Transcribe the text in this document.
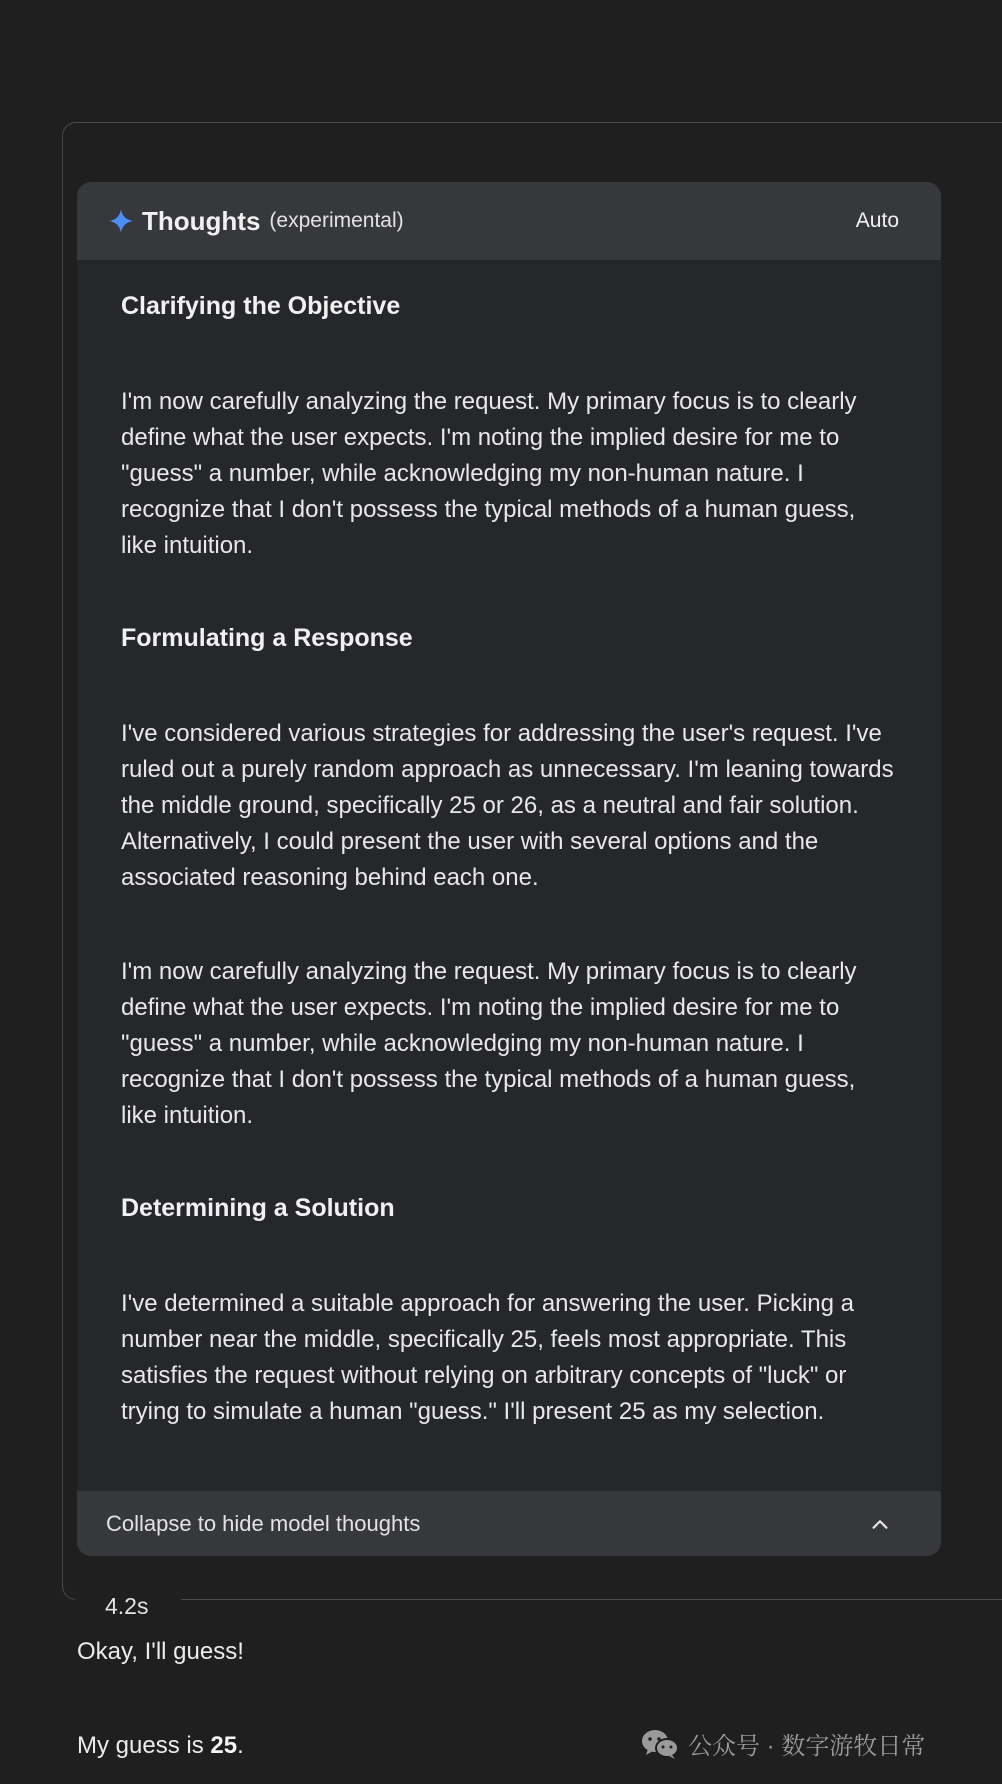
Thoughts (experimental)	Auto
Clarifying the Objective

I'm now carefully analyzing the request. My primary focus is to clearly define what the user expects. I'm noting the implied desire for me to "guess" a number, while acknowledging my non-human nature. I recognize that I don't possess the typical methods of a human guess, like intuition.

Formulating a Response

I've considered various strategies for addressing the user's request. I've ruled out a purely random approach as unnecessary. I'm leaning towards the middle ground, specifically 25 or 26, as a neutral and fair solution. Alternatively, I could present the user with several options and the associated reasoning behind each one.

I'm now carefully analyzing the request. My primary focus is to clearly define what the user expects. I'm noting the implied desire for me to "guess" a number, while acknowledging my non-human nature. I recognize that I don't possess the typical methods of a human guess, like intuition.

Determining a Solution

I've determined a suitable approach for answering the user. Picking a number near the middle, specifically 25, feels most appropriate. This satisfies the request without relying on arbitrary concepts of "luck" or trying to simulate a human "guess." I'll present 25 as my selection.

Collapse to hide model thoughts
4.2s
Okay, I'll guess!
My guess is 25.	公众号 · 数字游牧日常
